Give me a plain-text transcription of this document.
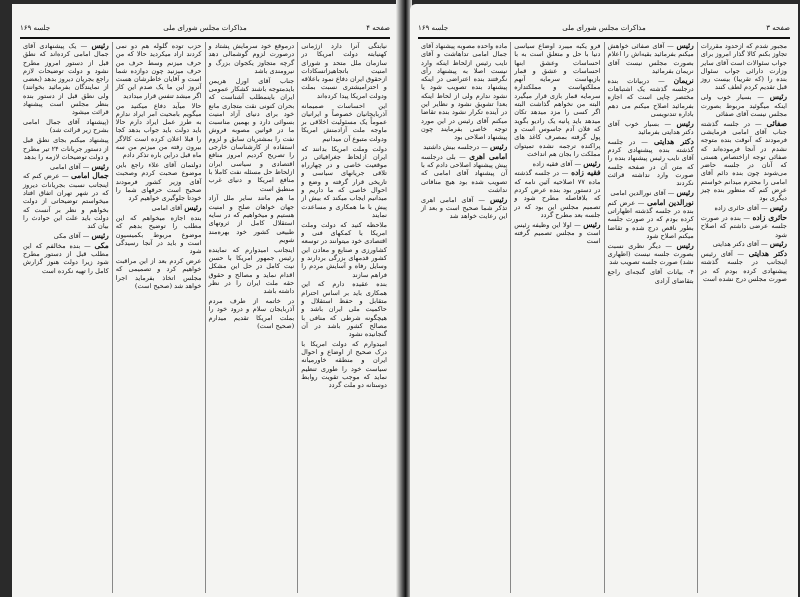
صفحه ۴
مذاکرات مجلس شورای ملی
جلسه ۱۶۹

نیابتگی آنرا دارد ازژمانی کهنیابته دولت امریکا در سازمان ملل متحد و شورای امنیت باتجاهیزاتسکادات ازحقوق ایران دفاع نمود باعلاقه و احترامیشتری نسبت بملت ودولت امریکا پیدا کرده‌اند

این احساسات صمیمانه آذربایجانیان خصوصاً و ایرانیان عموماً یک مسئولیت اخلاقی بر ماوجه ملت آزادمنش امریکا ودولت متبوع آن میدانیم

دولت وملت امریکا بدانند که ایران ازلحاظ جغرافیائی در موقعیت خاصی و در چهارراه تلاقی جریانهای سیاسی و تاریخی قرار گرفته و وضع و احوال خاصی که ما داریم و میدانیم ایجاب میکند که بیش از پیش با ما همکاری و مساعدت نمایند

ملاحظه کنید که دولت وملت امریکا با کمکهای فنی و اقتصادی خود میتوانند در توسعه کشاورزی و صنایع و معادن این کشور قدمهای بزرگی بردارند و وسایل رفاه و آسایش مردم را فراهم سازند

بنده عقیده دارم که این همکاری باید بر اساس احترام متقابل و حفظ استقلال و حاکمیت ملی ایران باشد و هیچگونه شرطی که منافی با مصالح کشور باشد در آن گنجانیده نشود

امیدوارم که دولت امریکا با درک صحیح از اوضاع و احوال ایران و منطقه خاورمیانه سیاست خود را طوری تنظیم نماید که موجب تقویت روابط دوستانه دو ملت گردد

درموقع خود سرمایش پشتاد و درصورت لزوم گوشمالی دهد گرچه متجاوز یکجوان بزرگ و نیرومندی باشد

جناب آقای اورل هریمن بایدمتوجه باشند کشکار عمومی ایران باینمطلب آشناست که بحران کنونی نقت متجاری مانع خود برای دنیای آزاد امنیت بسوائی دارد و بهمین مناسبت ما در قوانین مصوبه فروش نفت را بمشتریان سابق و لزوم استفاده از کارشناسان خارجی را تصریح کردیم امروز منافع اقتصادی و سیاسی ایران ازلحاظ حل مسئله نفت کاملا با منافع امریکا و دنیای غرب منطبق است

ما هم مانند سایر ملل آزاد جهان خواهان صلح و امنیت هستیم و میخواهیم که در سایه استقلال کامل از ثروتهای طبیعی کشور خود بهره‌مند شویم

اینجانب امیدوارم که نماینده رئیس جمهور امریکا با حسن نیت کامل در حل این مشکل اقدام نماید و مصالح و حقوق حقه ملت ایران را در نظر داشته باشد

در خاتمه از طرف مردم آذربایجان سلام و درود خود را بملت امریکا تقدیم میدارم (صحیح است)

حزب توده گلوله هم دو نمی کردند اراد میکردید حالا که من حرف میزنم وسط حرف من حرف میزنید چون دوازده شما است و آقایان خاطرشان هست آنروز این ما یک صدم این کار اگر میشد تنفس قرار میدادید

حالا میآید دفاع میکنید من میگویم بامحیت امر ایراد ندارم به طرز عمل ایراد دارم حالا باید دولت باید جواب بدهد کجا را قبلا اعلان کرده است کالاگر بیرون رفته من میزنم من سه ماه قبل دراین باره تذکر دادم

دولتمان آقای علاء راجع باین موضوع صحبت کردم وصحبت آقای وزیر کشور فرمودند صحیح است حرفهای شما را خودتا جلوگیری خواهیم کرد

رئیس آقای امامی

بنده اجازه میخواهم که این مطلب را توضیح بدهم که موضوع مربوط بکمیسیون است و باید در آنجا رسیدگی شود

عرض کردم بعد از این مراقبت خواهیم کرد و تصمیمی که مجلس اتخاذ بفرماید اجرا خواهد شد (صحیح است)

رئیس — یک پیشنهادی آقای جمال امامی کرده‌اند که نطق قبل از دستور امروز مطرح نشود و دولت توضیحات لازم راجع بجریان دیروز بدهد (بعضی از نمایندگان بفرمائید بخوانند) ولی نطق قبل از دستور بنده بنظر مجلس است پیشنهاد قرائت میشود

(پیشنهاد آقای جمال امامی بشرح زیر قرائت شد)

پیشنهاد میکنم بجای نطق قبل از دستور جریانات ۲۴ تیر مطرح و دولت توضیحات لازمه را بدهد

رئیس — آقای امامی

جمال امامی — عرض کنم که اینجانب نسبت بجریانات دیروز که در شهر تهران اتفاق افتاد میخواستم توضیحاتی از دولت بخواهم و نظر بر آنست که دولت باید علت این حوادث را بیان کند

رئیس — آقای مکی

مکی — بنده مخالفم که این مطلب قبل از دستور مطرح شود زیرا دولت هنوز گزارش کامل را تهیه نکرده است

صفحه ۳
مذاکرات مجلس شورای ملی
جلسه ۱۶۹

مجبور شدم که ازحدود مقررات تجاوز بکنم کالا گذار امروز برای جواب سئوالات است آقای سایر وزارت دارائی جواب سئوال بنده را (که تقریبا) بیست روز قبل تقدیم کردم لطف کنند

رئیس — بسیار خوب ولی اینکه میگوئید مربوط بصورت مجلس نیست آقای صفائی

صفائی — در جلسه گذشته جناب آقای امامی فرمایشی فرمودند که آنوقت بنده متوجه نشدم در آنجا فرموده‌اند که صفائی توجه ازاختصاص هستی که آنان در جلسه حاضر می‌شوند چون بنده دائم آقای امامی را محترم میدانم خواستم عرض کنم که منظور بنده چیز دیگری بود

رئیس — آقای حائری زاده

حائری زاده — بنده در صورت جلسه عرضی داشتم که اصلاح شود

رئیس — آقای دکتر هدایتی

دکتر هدایتی — آقای رئیس اینجانب در جلسه گذشته پیشنهادی کرده بودم که در صورت مجلس درج نشده است

رئیس — آقای صفائی خواهش میکنم بفرمائید بقیه‌اش را اعلام بصورت مجلس نیست آقای نریمان بفرمائید

نریمان — دربیانات بنده درجلسه گذشته یک اشتباهات مختصر چاپی است که اجازه بفرمائید اصلاح میکنم می دهم باداره تندنویسی

رئیس — بسیار خوب آقای دکتر هدایتی بفرمائید

دکتر هدایتی — در جلسه گذشته بنده پیشنهادی کردم آقای نایب رئیس پیشنهاد بنده را که متن آن در صفحه جلسه صورت وارد نداشته قرائت نکردند

رئیس — آقای نورالدین امامی

نورالدین امامی — عرض کنم بنده در جلسه گذشته اظهاراتی کرده بودم که در صورت جلسه بطور ناقص درج شده و تقاضا میکنم اصلاح شود

رئیس — دیگر نظری نسبت بصورت جلسه نیست (اظهاری نشد) صورت جلسه تصویب شد

۴- بیانات آقای گنجه‌ای راجع بتقاضای آزادی

فرو یکبه میبرد اوضاع سیاسی دنیا با حل و متعلق است به با احساسات وعشق ابنها احساسات و عشق و قمار بازیهاست سرمایه آنهم مملکتهاست و مملکتداره سرمایه قمار بازی قرار میگیرد البته من نخواهم گذاشت البته اگر کسی را مزد میدهد تکان میدهد باید پانیه یک رادیو بگوید که فلان آدم جاسوس است و پول گرفته بمصرف کاغذ های پراکنده ترجمه نشده تمیتوان مملکت را بجان هم انداخت

رئیس — آقای فقیه زاده

فقیه زاده — در جلسه گذشته ماده ۷۷ اصلاحیه آئین نامه که در دستور بود بنده عرض کردم که بلافاصله مطرح شود و تصمیم مجلس این بود که در جلسه بعد مطرح گردد

رئیس — اولا این وظیفه رئیس است و مجلس تصمیم گرفته است

ماده واحده مصوبه پیشنهاد آقای جمال امامی تداهاشت و آقای نایب رئیس ازلحاظ اینکه وارد نیست اصلا به پیشنهاد رأی نگرفتند بنده اعتراضی در اینکه پیشنهاد بنده تصویب شود یا نشود ندارم ولی از لحاظ اینکه بعدا تشویق نشود و نظایر این در آینده تکرار نشود بنده تقاضا میکنم آقای رئیس در این مورد توجه خاصی بفرمایند چون پیشنهاد اصلاحی بود

رئیس — درجلسه بیش داشتید

امامی اهری — بلی درجلسه پیش پیشنهاد اصلاحی دادم که با آن پیشنهاد آقای امامی که تصویب شده بود هیچ منافاتی نداشت

رئیس — آقای امامی اهری تذکر شما صحیح است و بعد از این رعایت خواهد شد
